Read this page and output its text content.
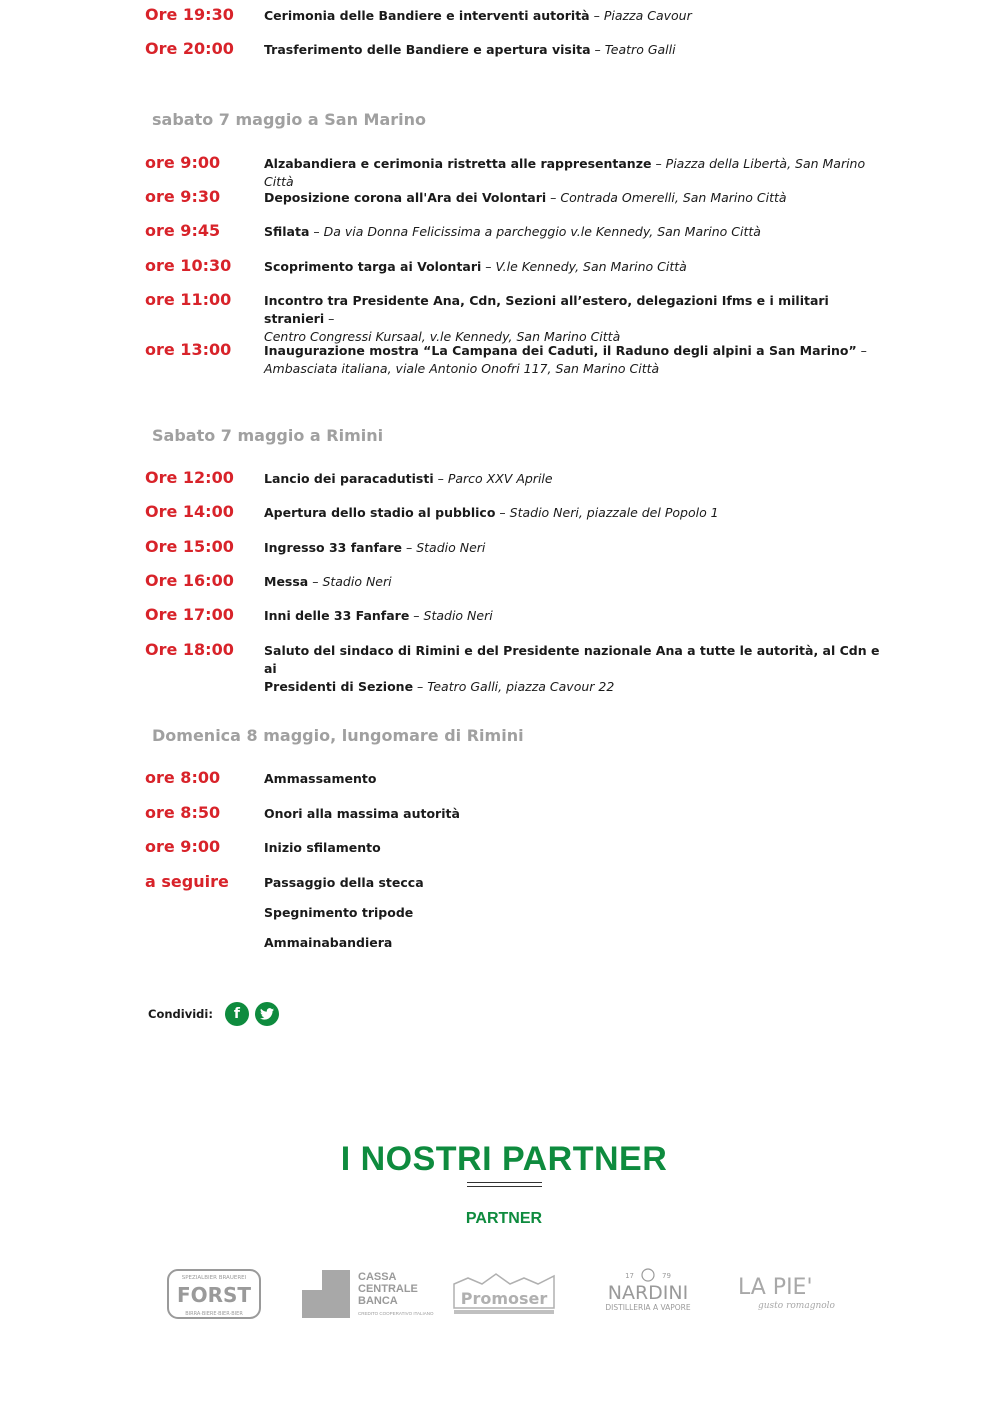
Ore 19:30 Cerimonia delle Bandiere e interventi autorità – Piazza Cavour
Ore 20:00 Trasferimento delle Bandiere e apertura visita – Teatro Galli
sabato 7 maggio a San Marino
ore 9:00	Alzabandiera e cerimonia ristretta alle rappresentanze – Piazza della Libertà, San Marino Città
ore 9:30	Deposizione corona all'Ara dei Volontari – Contrada Omerelli, San Marino Città
ore 9:45	Sfilata – Da via Donna Felicissima a parcheggio v.le Kennedy, San Marino Città
ore 10:30	Scoprimento targa ai Volontari – V.le Kennedy, San Marino Città
ore 11:00	Incontro tra Presidente Ana, Cdn, Sezioni all’estero, delegazioni Ifms e i militari stranieri –
Centro Congressi Kursaal, v.le Kennedy, San Marino Città
ore 13:00	Inaugurazione mostra “La Campana dei Caduti, il Raduno degli alpini a San Marino” –
Ambasciata italiana, viale Antonio Onofri 117, San Marino Città
Sabato 7 maggio a Rimini
Ore 12:00 Lancio dei paracadutisti – Parco XXV Aprile
Ore 14:00 Apertura dello stadio al pubblico – Stadio Neri, piazzale del Popolo 1
Ore 15:00 Ingresso 33 fanfare – Stadio Neri
Ore 16:00 Messa – Stadio Neri
Ore 17:00 Inni delle 33 Fanfare – Stadio Neri
Ore 18:00 Saluto del sindaco di Rimini e del Presidente nazionale Ana a tutte le autorità, al Cdn e ai
Presidenti di Sezione – Teatro Galli, piazza Cavour 22
Domenica 8 maggio, lungomare di Rimini
ore 8:00	Ammassamento
ore 8:50	Onori alla massima autorità
ore 9:00	Inizio sfilamento
a seguire	Passaggio della stecca
Spegnimento tripode
Ammainabandiera
Condividi: f
I NOSTRI PARTNER
PARTNER
SPEZIALBIER BRAUEREI
FORST
BIRRA·BIERE·BIER·BIER
CASSA
CENTRALE
BANCA
CREDITO COOPERATIVO ITALIANO
Promoser
17	79
NARDINI
DISTILLERIA A VAPORE
LA PIE'
gusto romagnolo
